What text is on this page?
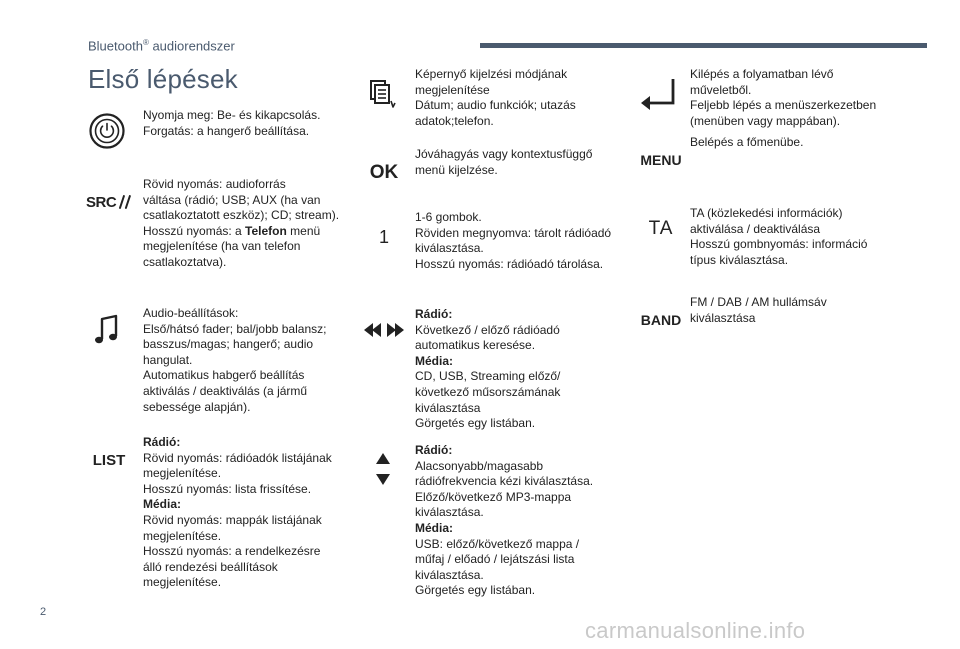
Bluetooth® audiorendszer
Első lépések
Nyomja meg: Be- és kikapcsolás.
Forgatás: a hangerő beállítása.
SRC
Rövid nyomás: audioforrás
váltása (rádió; USB; AUX (ha van
csatlakoztatott eszköz); CD; stream).
Hosszú nyomás: a Telefon menü
megjelenítése (ha van telefon
csatlakoztatva).
Audio-beállítások:
Első/hátsó fader; bal/jobb balansz;
basszus/magas; hangerő; audio
hangulat.
Automatikus habgerő beállítás
aktiválás / deaktiválás (a jármű
sebessége alapján).
LIST
Rádió:
Rövid nyomás: rádióadók listájának
megjelenítése.
Hosszú nyomás: lista frissítése.
Média:
Rövid nyomás: mappák listájának
megjelenítése.
Hosszú nyomás: a rendelkezésre
álló rendezési beállítások
megjelenítése.
Képernyő kijelzési módjának
megjelenítése
Dátum; audio funkciók; utazás
adatok;telefon.
OK
Jóváhagyás vagy kontextusfüggő
menü kijelzése.
1
1-6 gombok.
Röviden megnyomva: tárolt rádióadó
kiválasztása.
Hosszú nyomás: rádióadó tárolása.
Rádió:
Következő / előző rádióadó
automatikus keresése.
Média:
CD, USB, Streaming előző/
következő műsorszámának
kiválasztása
Görgetés egy listában.
Rádió:
Alacsonyabb/magasabb
rádiófrekvencia kézi kiválasztása.
Előző/következő MP3-mappa
kiválasztása.
Média:
USB: előző/következő mappa /
műfaj / előadó / lejátszási lista
kiválasztása.
Görgetés egy listában.
Kilépés a folyamatban lévő
műveletből.
Feljebb lépés a menüszerkezetben
(menüben vagy mappában).
MENU
Belépés a főmenübe.
TA
TA (közlekedési információk)
aktiválása / deaktiválása
Hosszú gombnyomás: információ
típus kiválasztása.
BAND
FM / DAB / AM hullámsáv
kiválasztása
2
carmanualsonline.info
